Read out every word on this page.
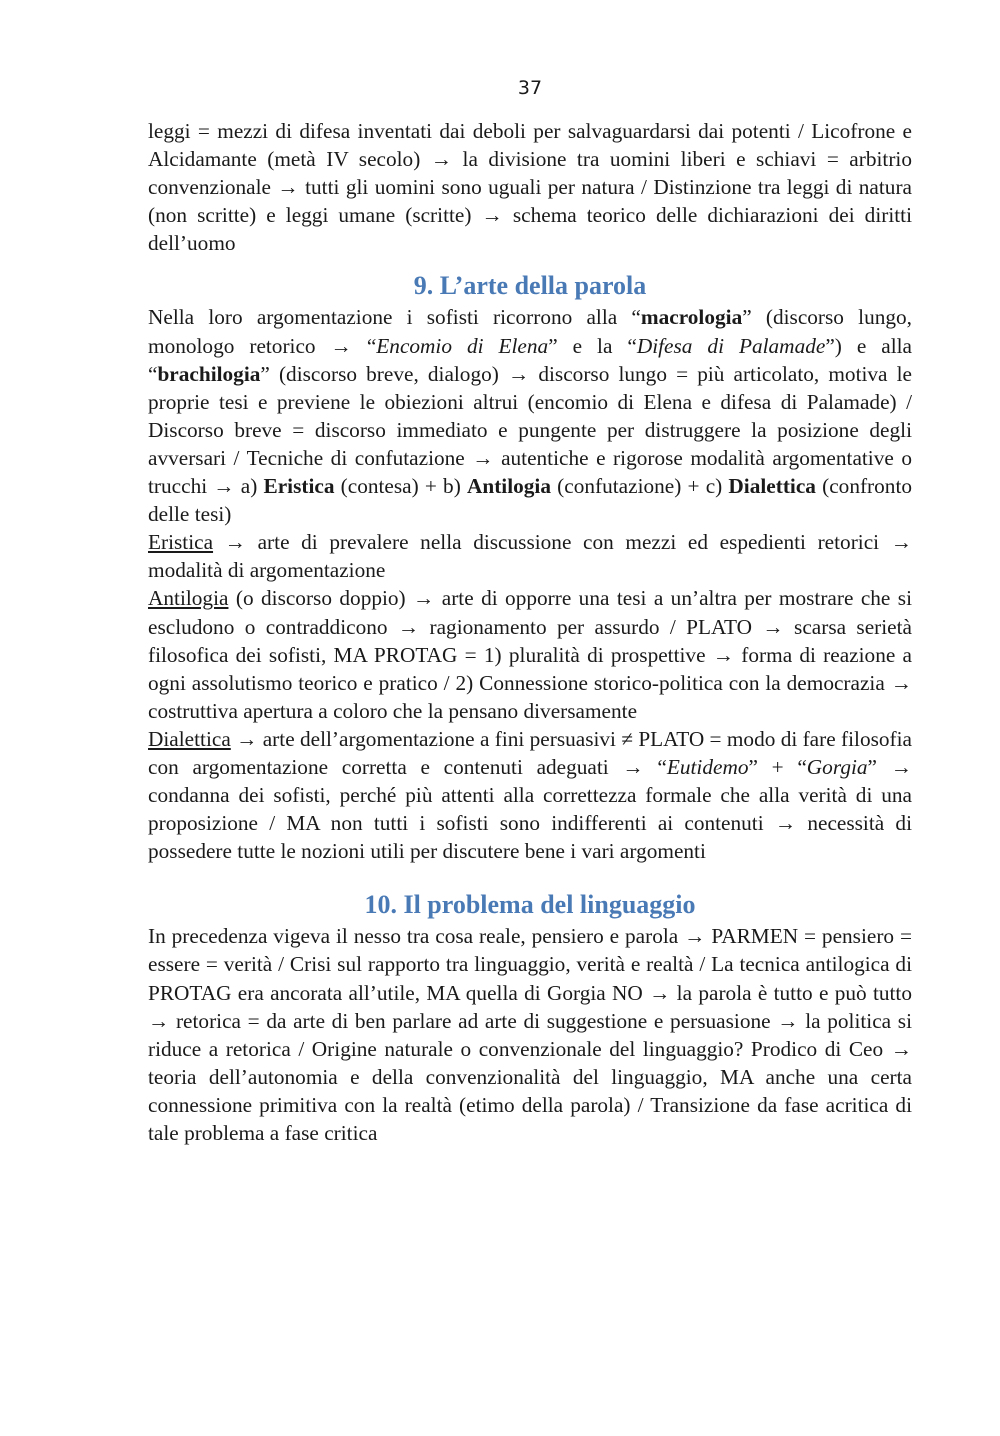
37

leggi = mezzi di difesa inventati dai deboli per salvaguardarsi dai potenti / Licofrone e Alcidamante (metà IV secolo) → la divisione tra uomini liberi e schiavi = arbitrio convenzionale → tutti gli uomini sono uguali per natura / Distinzione tra leggi di natura (non scritte) e leggi umane (scritte) → schema teorico delle dichiarazioni dei diritti dell’uomo

9. L’arte della parola

Nella loro argomentazione i sofisti ricorrono alla “macrologia” (discorso lungo, monologo retorico → “Encomio di Elena” e la “Difesa di Palamade”) e alla “brachilogia” (discorso breve, dialogo) → discorso lungo = più articolato, motiva le proprie tesi e previene le obiezioni altrui (encomio di Elena e difesa di Palamade) / Discorso breve = discorso immediato e pungente per distruggere la posizione degli avversari / Tecniche di confutazione → autentiche e rigorose modalità argomentative o trucchi → a) Eristica (contesa) + b) Antilogia (confutazione) + c) Dialettica (confronto delle tesi)

Eristica → arte di prevalere nella discussione con mezzi ed espedienti retorici → modalità di argomentazione

Antilogia (o discorso doppio) → arte di opporre una tesi a un’altra per mostrare che si escludono o contraddicono → ragionamento per assurdo / PLATO → scarsa serietà filosofica dei sofisti, MA PROTAG = 1) pluralità di prospettive → forma di reazione a ogni assolutismo teorico e pratico / 2) Connessione storico-politica con la democrazia → costruttiva apertura a coloro che la pensano diversamente

Dialettica → arte dell’argomentazione a fini persuasivi ≠ PLATO = modo di fare filosofia con argomentazione corretta e contenuti adeguati → “Eutidemo” + “Gorgia” → condanna dei sofisti, perché più attenti alla correttezza formale che alla verità di una proposizione / MA non tutti i sofisti sono indifferenti ai contenuti → necessità di possedere tutte le nozioni utili per discutere bene i vari argomenti

10. Il problema del linguaggio

In precedenza vigeva il nesso tra cosa reale, pensiero e parola → PARMEN = pensiero = essere = verità / Crisi sul rapporto tra linguaggio, verità e realtà / La tecnica antilogica di PROTAG era ancorata all’utile, MA quella di Gorgia NO → la parola è tutto e può tutto → retorica = da arte di ben parlare ad arte di suggestione e persuasione → la politica si riduce a retorica / Origine naturale o convenzionale del linguaggio? Prodico di Ceo → teoria dell’autonomia e della convenzionalità del linguaggio, MA anche una certa connessione primitiva con la realtà (etimo della parola) / Transizione da fase acritica di tale problema a fase critica
